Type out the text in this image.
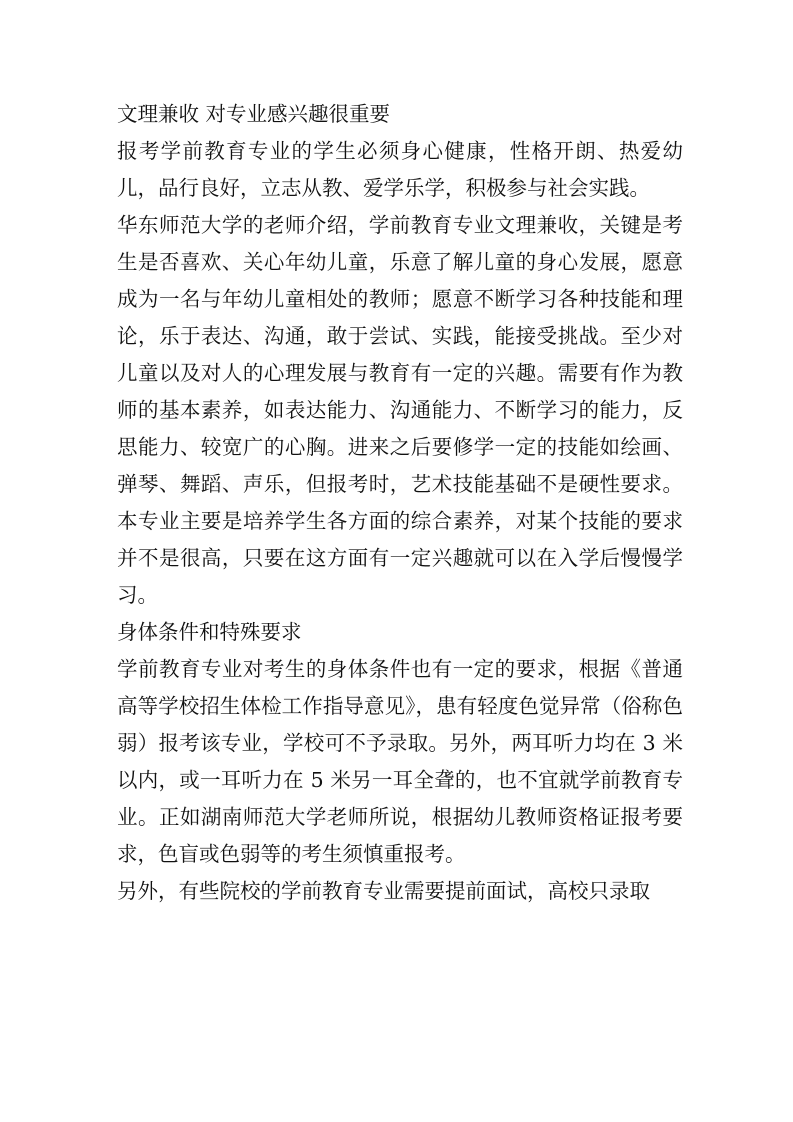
文理兼收 对专业感兴趣很重要

报考学前教育专业的学生必须身心健康，性格开朗、热爱幼儿，品行良好，立志从教、爱学乐学，积极参与社会实践。

华东师范大学的老师介绍，学前教育专业文理兼收，关键是考生是否喜欢、关心年幼儿童，乐意了解儿童的身心发展，愿意成为一名与年幼儿童相处的教师；愿意不断学习各种技能和理论，乐于表达、沟通，敢于尝试、实践，能接受挑战。至少对儿童以及对人的心理发展与教育有一定的兴趣。需要有作为教师的基本素养，如表达能力、沟通能力、不断学习的能力，反思能力、较宽广的心胸。进来之后要修学一定的技能如绘画、弹琴、舞蹈、声乐，但报考时，艺术技能基础不是硬性要求。本专业主要是培养学生各方面的综合素养，对某个技能的要求并不是很高，只要在这方面有一定兴趣就可以在入学后慢慢学习。

身体条件和特殊要求

学前教育专业对考生的身体条件也有一定的要求，根据《普通高等学校招生体检工作指导意见》，患有轻度色觉异常（俗称色弱）报考该专业，学校可不予录取。另外，两耳听力均在 3 米以内，或一耳听力在 5 米另一耳全聋的，也不宜就学前教育专业。正如湖南师范大学老师所说，根据幼儿教师资格证报考要求，色盲或色弱等的考生须慎重报考。

另外，有些院校的学前教育专业需要提前面试，高校只录取
